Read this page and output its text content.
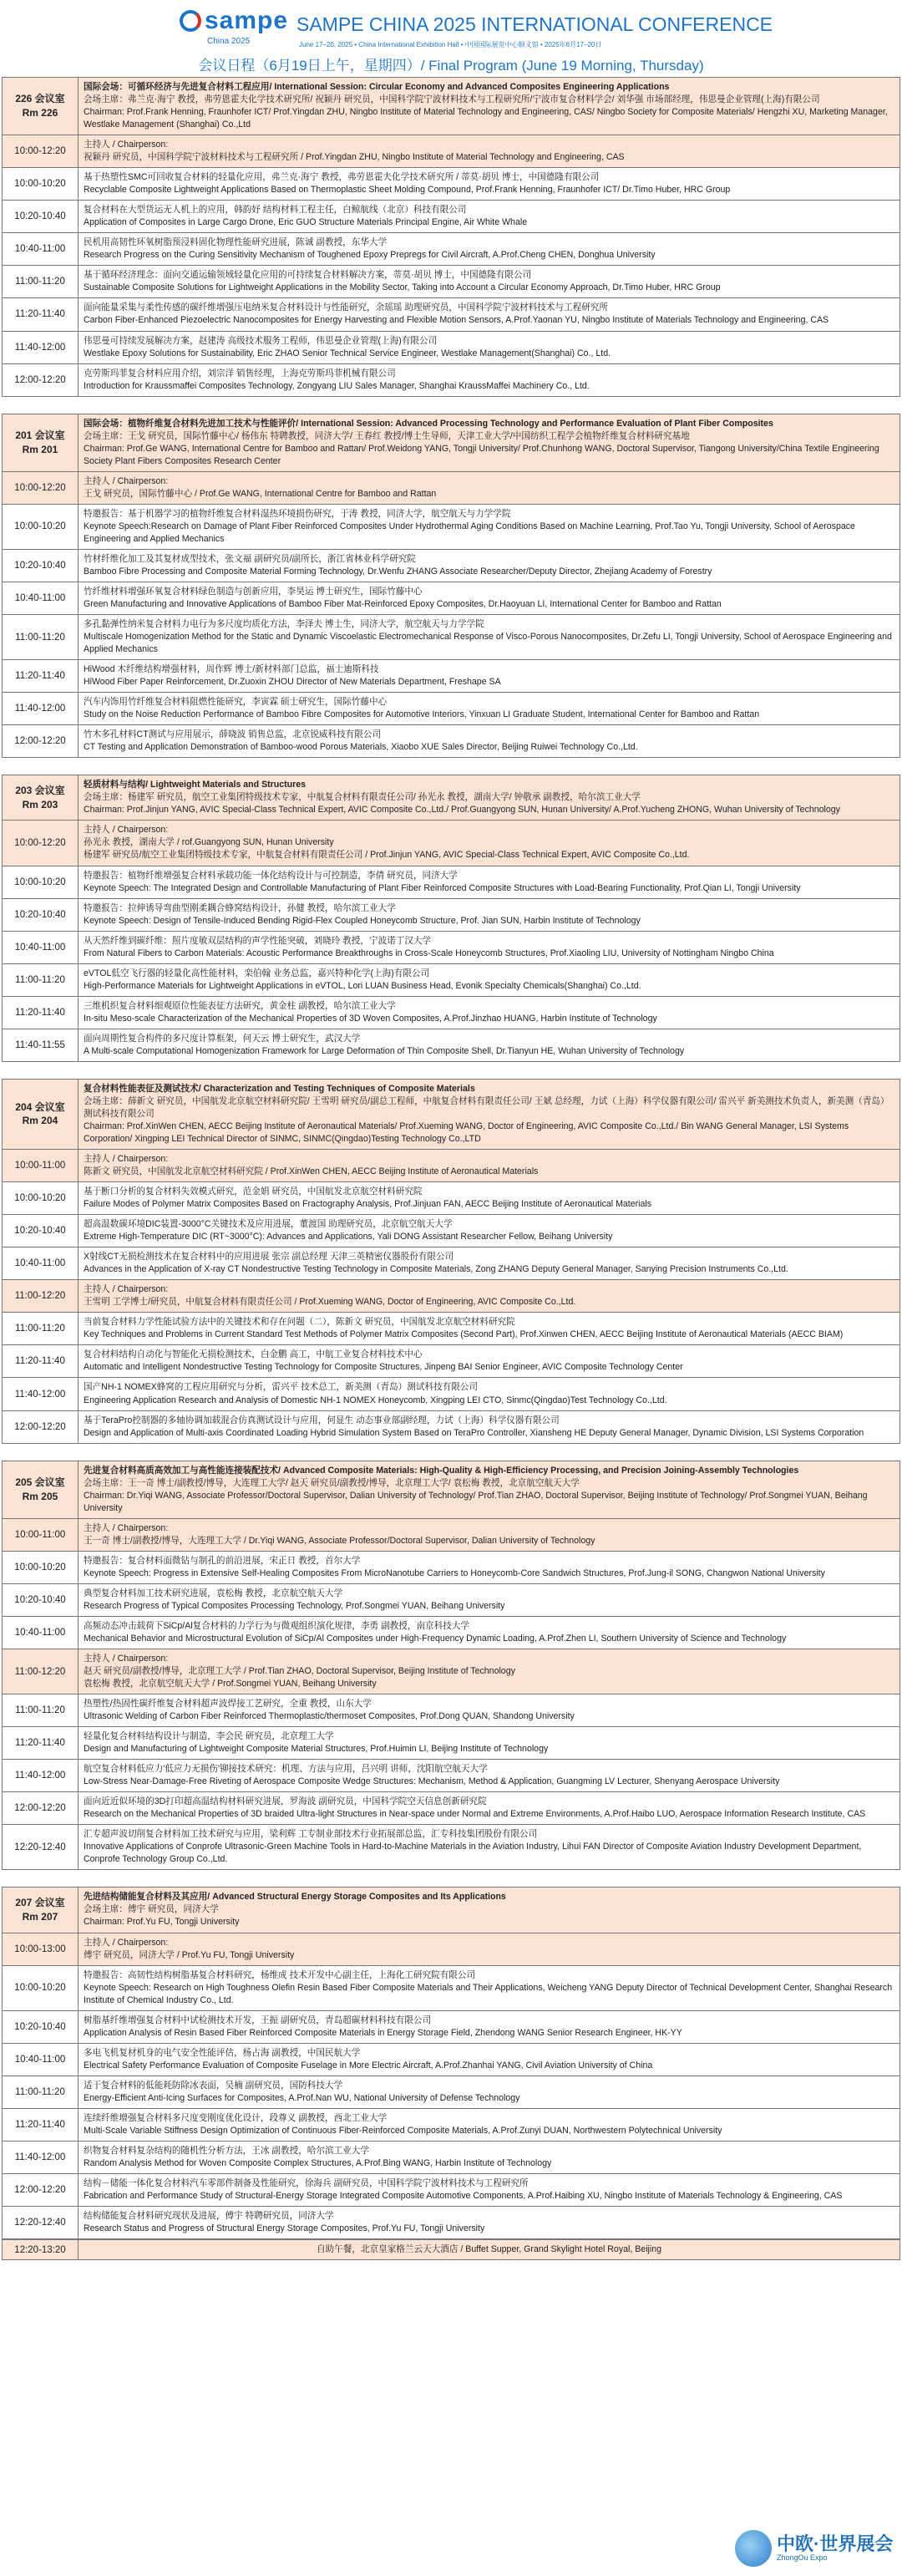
sampe
China 2025
SAMPE CHINA 2025 INTERNATIONAL CONFERENCE
June 17–20, 2025 • China International Exhibition Hall • 中国国际展览中心顺义馆 • 2025年6月17–20日
会议日程（6月19日上午，星期四）/ Final Program (June 19 Morning, Thursday)
226 会议室
Rm 226
国际会场：可循环经济与先进复合材料工程应用/ International Session: Circular Economy and Advanced Composites Engineering Applications
会场主席：弗兰克·海宁 教授，弗劳恩霍夫化学技术研究所/ 祝颖丹 研究员，中国科学院宁波材料技术与工程研究所/宁波市复合材料学会/ 刘华强 市场部经理，伟思曼企业管理(上海)有限公司
Chairman: Prof.Frank Henning, Fraunhofer ICT/ Prof.Yingdan ZHU, Ningbo Institute of Material Technology and Engineering, CAS/ Ningbo Society for Composite Materials/ Hengzhi XU, Marketing Manager, Westlake Management (Shanghai) Co.,Ltd
10:00-12:20
主持人 / Chairperson:
祝颖丹 研究员，中国科学院宁波材料技术与工程研究所 / Prof.Yingdan ZHU, Ningbo Institute of Material Technology and Engineering, CAS
10:00-10:20
基于热塑性SMC可回收复合材料的轻量化应用，弗兰克·海宁 教授，弗劳恩霍夫化学技术研究所 / 蒂莫·胡贝 博士，中国德隆有限公司
Recyclable Composite Lightweight Applications Based on Thermoplastic Sheet Molding Compound, Prof.Frank Henning, Fraunhofer ICT/ Dr.Timo Huber, HRC Group
10:20-10:40
复合材料在大型货运无人机上的应用，韩韵妤 结构材料工程主任，白鲸航线（北京）科技有限公司
Application of Composites in Large Cargo Drone, Eric GUO Structure Materials Principal Engine, Air White Whale
10:40-11:00
民机用高韧性环氧树脂预浸料固化物理性能研究进展，陈诚 副教授，东华大学
Research Progress on the Curing Sensitivity Mechanism of Toughened Epoxy Prepregs for Civil Aircraft, A.Prof.Cheng CHEN, Donghua University
11:00-11:20
基于循环经济理念：面向交通运输领域轻量化应用的可持续复合材料解决方案，蒂莫·胡贝 博士，中国德隆有限公司
Sustainable Composite Solutions for Lightweight Applications in the Mobility Sector, Taking into Account a Circular Economy Approach, Dr.Timo Huber, HRC Group
11:20-11:40
面向能量采集与柔性传感的碳纤维增强压电纳米复合材料设计与性能研究，余瑶瑶 助理研究员，中国科学院宁波材料技术与工程研究所
Carbon Fiber-Enhanced Piezoelectric Nanocomposites for Energy Harvesting and Flexible Motion Sensors, A.Prof.Yaonan YU, Ningbo Institute of Materials Technology and Engineering, CAS
11:40-12:00
伟思曼可持续发展解决方案，赵建涛 高级技术服务工程师，伟思曼企业管理(上海)有限公司
Westlake Epoxy Solutions for Sustainability, Eric ZHAO Senior Technical Service Engineer, Westlake Management(Shanghai) Co., Ltd.
12:00-12:20
克劳斯玛菲复合材料应用介绍，刘宗洋 销售经理，上海克劳斯玛菲机械有限公司
Introduction for Kraussmaffei Composites Technology, Zongyang LIU Sales Manager, Shanghai KraussMaffei Machinery Co., Ltd.
201 会议室
Rm 201
国际会场：植物纤维复合材料先进加工技术与性能评价/ International Session: Advanced Processing Technology and Performance Evaluation of Plant Fiber Composites
会场主席：王戈 研究员，国际竹藤中心/ 杨伟东 特聘教授，同济大学/ 王春红 教授/博士生导师，天津工业大学/中国纺织工程学会植物纤维复合材料研究基地
Chairman: Prof.Ge WANG, International Centre for Bamboo and Rattan/ Prof.Weidong YANG, Tongji University/ Prof.Chunhong WANG, Doctoral Supervisor, Tiangong University/China Textile Engineering Society Plant Fibers Composites Research Center
10:00-12:20
主持人 / Chairperson:
王戈 研究员，国际竹藤中心 / Prof.Ge WANG, International Centre for Bamboo and Rattan
10:00-10:20
特邀报告：基于机器学习的植物纤维复合材料湿热环境损伤研究，于涛 教授，同济大学，航空航天与力学学院
Keynote Speech:Research on Damage of Plant Fiber Reinforced Composites Under Hydrothermal Aging Conditions Based on Machine Learning, Prof.Tao Yu, Tongji University, School of Aerospace Engineering and Applied Mechanics
10:20-10:40
竹材纤维化加工及其复材成型技术，张文福 副研究员/副所长，浙江省林业科学研究院
Bamboo Fibre Processing and Composite Material Forming Technology, Dr.Wenfu ZHANG Associate Researcher/Deputy Director, Zhejiang Academy of Forestry
10:40-11:00
竹纤维材料增强环氧复合材料绿色制造与创新应用，李昊运 博士研究生，国际竹藤中心
Green Manufacturing and Innovative Applications of Bamboo Fiber Mat-Reinforced Epoxy Composites, Dr.Haoyuan LI, International Center for Bamboo and Rattan
11:00-11:20
多孔黏弹性纳米复合材料力电行为多尺度均质化方法，李泽夫 博士生，同济大学，航空航天与力学学院
Multiscale Homogenization Method for the Static and Dynamic Viscoelastic Electromechanical Response of Visco-Porous Nanocomposites, Dr.Zefu LI, Tongji University, School of Aerospace Engineering and Applied Mechanics
11:20-11:40
HiWood 木纤维结构增强材料，周作辉 博士/新材料部门总监，福士迪斯科技
HiWood Fiber Paper Reinforcement, Dr.Zuoxin ZHOU Director of New Materials Department, Freshape SA
11:40-12:00
汽车内饰用竹纤维复合材料阻燃性能研究，李寅霖 硕士研究生，国际竹藤中心
Study on the Noise Reduction Performance of Bamboo Fibre Composites for Automotive Interiors, Yinxuan LI Graduate Student, International Center for Bamboo and Rattan
12:00-12:20
竹木多孔材料CT测试与应用展示，薛晓波 销售总监，北京锐威科技有限公司
CT Testing and Application Demonstration of Bamboo-wood Porous Materials, Xiaobo XUE Sales Director, Beijing Ruiwei Technology Co.,Ltd.
203 会议室
Rm 203
轻质材料与结构/ Lightweight Materials and Structures
会场主席：杨建军 研究员，航空工业集团特级技术专家，中航复合材料有限责任公司/ 孙光永 教授，湖南大学/ 钟敬承 副教授，哈尔滨工业大学
Chairman: Prof.Jinjun YANG, AVIC Special-Class Technical Expert, AVIC Composite Co.,Ltd./ Prof.Guangyong SUN, Hunan University/ A.Prof.Yucheng ZHONG, Wuhan University of Technology
10:00-12:20
主持人 / Chairperson:
孙光永 教授，湖南大学 / rof.Guangyong SUN, Hunan University
杨建军 研究员/航空工业集团特级技术专家，中航复合材料有限责任公司 / Prof.Jinjun YANG, AVIC Special-Class Technical Expert, AVIC Composite Co.,Ltd.
10:00-10:20
特邀报告：植物纤维增强复合材料承载功能一体化结构设计与可控制造，李倩 研究员，同济大学
Keynote Speech: The Integrated Design and Controllable Manufacturing of Plant Fiber Reinforced Composite Structures with Load-Bearing Functionality, Prof.Qian LI, Tongji University
10:20-10:40
特邀报告：拉伸诱导弯曲型刚柔耦合蜂窝结构设计，孙健 教授，哈尔滨工业大学
Keynote Speech: Design of Tensile-Induced Bending Rigid-Flex Coupled Honeycomb Structure, Prof. Jian SUN, Harbin Institute of Technology
10:40-11:00
从天然纤维到碳纤维：照片度敏双层结构的声学性能突破，刘晓玲 教授，宁波诺丁汉大学
From Natural Fibers to Carbon Materials: Acoustic Performance Breakthroughs in Cross-Scale Honeycomb Structures, Prof.Xiaoling LIU, University of Nottingham Ningbo China
11:00-11:20
eVTOL低空飞行器的轻量化高性能材料，栾伯翰 业务总监，嘉兴特种化学(上海)有限公司
High-Performance Materials for Lightweight Applications in eVTOL, Lori LUAN Business Head, Evonik Specialty Chemicals(Shanghai) Co.,Ltd.
11:20-11:40
三维机织复合材料细观原位性能表征方法研究，黄金柱 副教授，哈尔滨工业大学
In-situ Meso-scale Characterization of the Mechanical Properties of 3D Woven Composites, A.Prof.Jinzhao HUANG, Harbin Institute of Technology
11:40-11:55
面向周期性复合构件的多尺度计算框架，何天云 博士研究生，武汉大学
A Multi-scale Computational Homogenization Framework for Large Deformation of Thin Composite Shell, Dr.Tianyun HE, Wuhan University of Technology
204 会议室
Rm 204
复合材料性能表征及测试技术/ Characterization and Testing Techniques of Composite Materials
会场主席：薛新文 研究员，中国航发北京航空材料研究院/ 王雪明 研究员/副总工程师，中航复合材料有限责任公司/ 王斌 总经理，力试（上海）科学仪器有限公司/ 雷兴平 新美测技术负责人，新美测（青岛）测试科技有限公司
Chairman: Prof.XinWen CHEN, AECC Beijing Institute of Aeronautical Materials/ Prof.Xueming WANG, Doctor of Engineering, AVIC Composite Co.,Ltd./ Bin WANG General Manager, LSI Systems Corporation/ Xingping LEI Technical Director of SINMC, SINMC(Qingdao)Testing Technology Co.,LTD
10:00-11:00
主持人 / Chairperson:
陈新文 研究员，中国航发北京航空材料研究院 / Prof.XinWen CHEN, AECC Beijing Institute of Aeronautical Materials
10:00-10:20
基于断口分析的复合材料失效模式研究，范金娟 研究员，中国航发北京航空材料研究院
Failure Modes of Polymer Matrix Composites Based on Fractography Analysis, Prof.Jinjuan FAN, AECC Beijing Institute of Aeronautical Materials
10:20-10:40
超高温数碳环境DIC装置-3000°C关键技术及应用进展，董渡国 助理研究员，北京航空航天大学
Extreme High-Temperature DIC (RT~3000°C): Advances and Applications, Yali DONG Assistant Researcher Fellow, Beihang University
10:40-11:00
X射线CT无损检测技术在复合材料中的应用进展 张宗 副总经理 天津三英精密仪器股份有限公司
Advances in the Application of X-ray CT Nondestructive Testing Technology in Composite Materials, Zong ZHANG Deputy General Manager, Sanying Precision Instruments Co.,Ltd.
11:00-12:20
主持人 / Chairperson:
王雪明 工学博士/研究员，中航复合材料有限责任公司 / Prof.Xueming WANG, Doctor of Engineering, AVIC Composite Co.,Ltd.
11:00-11:20
当前复合材料力学性能试验方法中的关键技术和存在问题（二），陈新文 研究员，中国航发北京航空材料研究院
Key Techniques and Problems in Current Standard Test Methods of Polymer Matrix Composites (Second Part), Prof.Xinwen CHEN, AECC Beijing Institute of Aeronautical Materials (AECC BIAM)
11:20-11:40
复合材料结构自动化与智能化无损检测技术，白金鹏 高工，中航工业复合材料技术中心
Automatic and Intelligent Nondestructive Testing Technology for Composite Structures, Jinpeng BAI Senior Engineer, AVIC Composite Technology Center
11:40-12:00
国产NH-1 NOMEX蜂窝的工程应用研究与分析，雷兴平 技术总工，新美测（青岛）测试科技有限公司
Engineering Application Research and Analysis of Domestic NH-1 NOMEX Honeycomb, Xingping LEI CTO, Sinmc(Qingdao)Test Technology Co.,Ltd.
12:00-12:20
基于TeraPro控制器的多轴协调加载混合仿真测试设计与应用，何显生 动态事业部副经理，力试（上海）科学仪器有限公司
Design and Application of Multi-axis Coordinated Loading Hybrid Simulation System Based on TeraPro Controller, Xiansheng HE Deputy General Manager, Dynamic Division, LSI Systems Corporation
205 会议室
Rm 205
先进复合材料高质高效加工与高性能连接装配技术/ Advanced Composite Materials: High-Quality & High-Efficiency Processing, and Precision Joining-Assembly Technologies
会场主席：王一奇 博士/副教授/博导，大连理工大学/ 赵天 研究员/副教授/博导，北京理工大学/ 袁松梅 教授，北京航空航天大学
Chairman: Dr.Yiqi WANG, Associate Professor/Doctoral Supervisor, Dalian University of Technology/ Prof.Tian ZHAO, Doctoral Supervisor, Beijing Institute of Technology/ Prof.Songmei YUAN, Beihang University
10:00-11:00
主持人 / Chairperson:
王一奇 博士/副教授/博导，大连理工大学 / Dr.Yiqi WANG, Associate Professor/Doctoral Supervisor, Dalian University of Technology
10:00-10:20
特邀报告：复合材料面微钻与制孔的前沿进展，宋正日 教授，首尔大学
Keynote Speech: Progress in Extensive Self-Healing Composites From MicroNanotube Carriers to Honeycomb-Core Sandwich Structures, Prof.Jung-il SONG, Changwon National University
10:20-10:40
典型复合材料加工技术研究进展，袁松梅 教授，北京航空航天大学
Research Progress of Typical Composites Processing Technology, Prof.Songmei YUAN, Beihang University
10:40-11:00
高频动态冲击载荷下SiCp/Al复合材料的力学行为与微观组织演化规律，李勇 副教授，南京科技大学
Mechanical Behavior and Microstructural Evolution of SiCp/Al Composites under High-Frequency Dynamic Loading, A.Prof.Zhen LI, Southern University of Science and Technology
11:00-12:20
主持人 / Chairperson:
赵天 研究员/副教授/博导，北京理工大学 / Prof.Tian ZHAO, Doctoral Supervisor, Beijing Institute of Technology
袁松梅 教授，北京航空航天大学 / Prof.Songmei YUAN, Beihang University
11:00-11:20
热塑性/热固性碳纤维复合材料超声波焊接工艺研究，全重 教授，山东大学
Ultrasonic Welding of Carbon Fiber Reinforced Thermoplastic/thermoset Composites, Prof.Dong QUAN, Shandong University
11:20-11:40
轻量化复合材料结构设计与制造，李会民 研究员，北京理工大学
Design and Manufacturing of Lightweight Composite Material Structures, Prof.Huimin LI, Beijing Institute of Technology
11:40-12:00
航空复合材料低应力'低应力无损伤'铆接技术研究：机理、方法与应用，吕兴明 讲师，沈阳航空航天大学
Low-Stress Near-Damage-Free Riveting of Aerospace Composite Wedge Structures: Mechanism, Method & Application, Guangming LV Lecturer, Shenyang Aerospace University
12:00-12:20
面向近近似环境的3D打印超高温结构材料研究进展，罗海波 副研究员，中国科学院空天信息创新研究院
Research on the Mechanical Properties of 3D braided Ultra-light Structures in Near-space under Normal and Extreme Environments, A.Prof.Haibo LUO, Aerospace Information Research Institute, CAS
12:20-12:40
汇专超声波切削复合材料加工技术研究与应用，梁利辉 工专制业部技术行业拓展部总监，汇专科技集团股份有限公司
Innovative Applications of Conprofe Ultrasonic-Green Machine Tools in Hard-to-Machine Materials in the Aviation Industry, Lihui FAN Director of Composite Aviation Industry Development Department, Conprofe Technology Group Co.,Ltd.
207 会议室
Rm 207
先进结构储能复合材料及其应用/ Advanced Structural Energy Storage Composites and Its Applications
会场主席：傅宇 研究员，同济大学
Chairman: Prof.Yu FU, Tongji University
10:00-13:00
主持人 / Chairperson:
傅宇 研究员，同济大学 / Prof.Yu FU, Tongji University
10:00-10:20
特邀报告：高韧性结构树脂基复合材料研究，杨维成 技术开发中心副主任，上海化工研究院有限公司
Keynote Speech: Research on High Toughness Olefin Resin Based Fiber Composite Materials and Their Applications, Weicheng YANG Deputy Director of Technical Development Center, Shanghai Research Institute of Chemical Industry Co., Ltd.
10:20-10:40
树脂基纤维增强复合材料中试检测技术开发，王振 副研究员，青岛超碳材料科技有限公司
Application Analysis of Resin Based Fiber Reinforced Composite Materials in Energy Storage Field, Zhendong WANG Senior Research Engineer, HK-YY
10:40-11:00
多电飞机复材机身的电气安全性能评估，杨占海 副教授，中国民航大学
Electrical Safety Performance Evaluation of Composite Fuselage in More Electric Aircraft, A.Prof.Zhanhai YANG, Civil Aviation University of China
11:00-11:20
适于复合材料的低能耗防除冰表面，吴楠 副研究员，国防科技大学
Energy-Efficient Anti-Icing Surfaces for Composites, A.Prof.Nan WU, National University of Defense Technology
11:20-11:40
连续纤维增强复合材料多尺度变刚度优化设计，段尊义 副教授，西北工业大学
Multi-Scale Variable Stiffness Design Optimization of Continuous Fiber-Reinforced Composite Materials, A.Prof.Zunyi DUAN, Northwestern Polytechnical University
11:40-12:00
织物复合材料复杂结构的随机性分析方法，王冰 副教授，哈尔滨工业大学
Random Analysis Method for Woven Composite Complex Structures, A.Prof.Bing WANG, Harbin Institute of Technology
12:00-12:20
结构－储能一体化复合材料汽车零部件制备及性能研究，徐海兵 副研究员，中国科学院宁波材料技术与工程研究所
Fabrication and Performance Study of Structural-Energy Storage Integrated Composite Automotive Components, A.Prof.Haibing XU, Ningbo Institute of Materials Technology & Engineering, CAS
12:20-12:40
结构储能复合材料研究现状及进展，傅宇 特聘研究员，同济大学
Research Status and Progress of Structural Energy Storage Composites, Prof.Yu FU, Tongji University
12:20-13:20	自助午餐，北京皇家格兰云天大酒店 / Buffet Supper, Grand Skylight Hotel Royal, Beijing
中欧·世界展会
ZhongOu Expo
